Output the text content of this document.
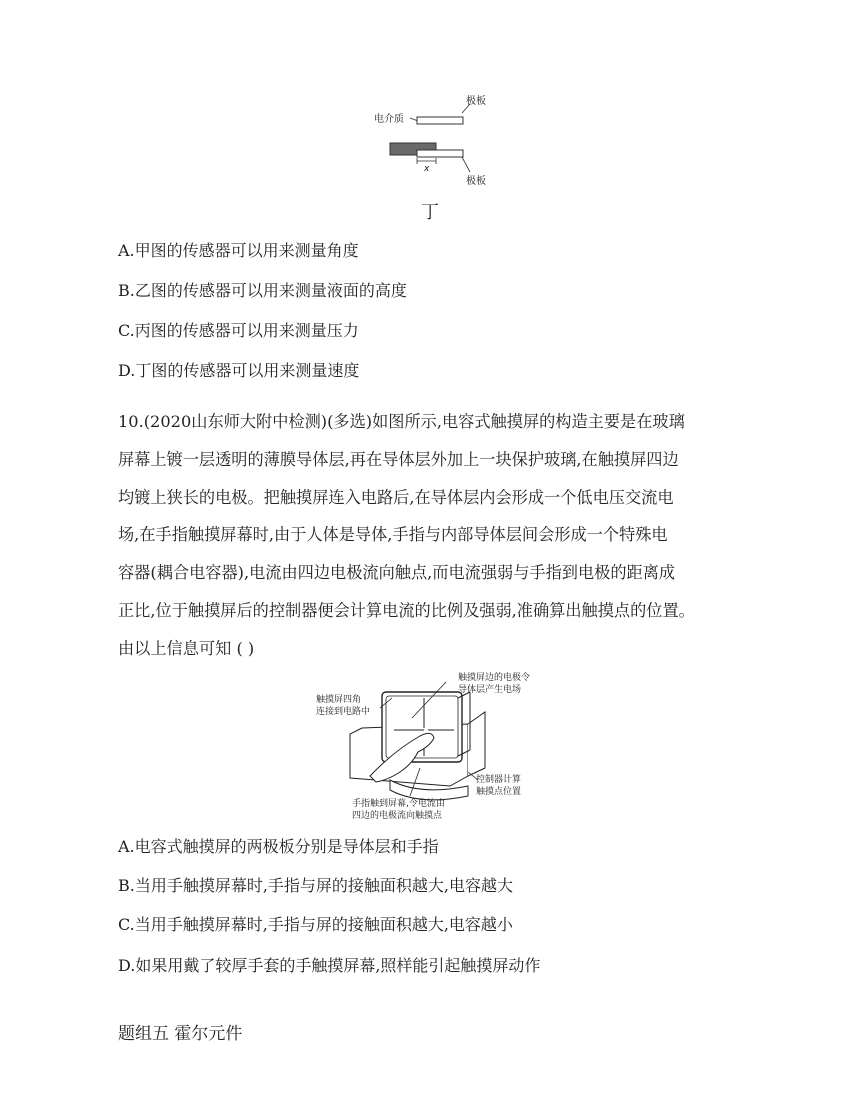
极板
电介质
x
极板
丁
A.甲图的传感器可以用来测量角度
B.乙图的传感器可以用来测量液面的高度
C.丙图的传感器可以用来测量压力
D.丁图的传感器可以用来测量速度
10.(2020山东师大附中检测)(多选)如图所示,电容式触摸屏的构造主要是在玻璃
屏幕上镀一层透明的薄膜导体层,再在导体层外加上一块保护玻璃,在触摸屏四边
均镀上狭长的电极。把触摸屏连入电路后,在导体层内会形成一个低电压交流电
场,在手指触摸屏幕时,由于人体是导体,手指与内部导体层间会形成一个特殊电
容器(耦合电容器),电流由四边电极流向触点,而电流强弱与手指到电极的距离成
正比,位于触摸屏后的控制器便会计算电流的比例及强弱,准确算出触摸点的位置。
由以上信息可知 ( )
触摸屏四角
连接到电路中
触摸屏边的电极令
导体层产生电场
控制器计算
触摸点位置
手指触到屏幕,令电流由
四边的电极流向触摸点
A.电容式触摸屏的两极板分别是导体层和手指
B.当用手触摸屏幕时,手指与屏的接触面积越大,电容越大
C.当用手触摸屏幕时,手指与屏的接触面积越大,电容越小
D.如果用戴了较厚手套的手触摸屏幕,照样能引起触摸屏动作
题组五 霍尔元件
